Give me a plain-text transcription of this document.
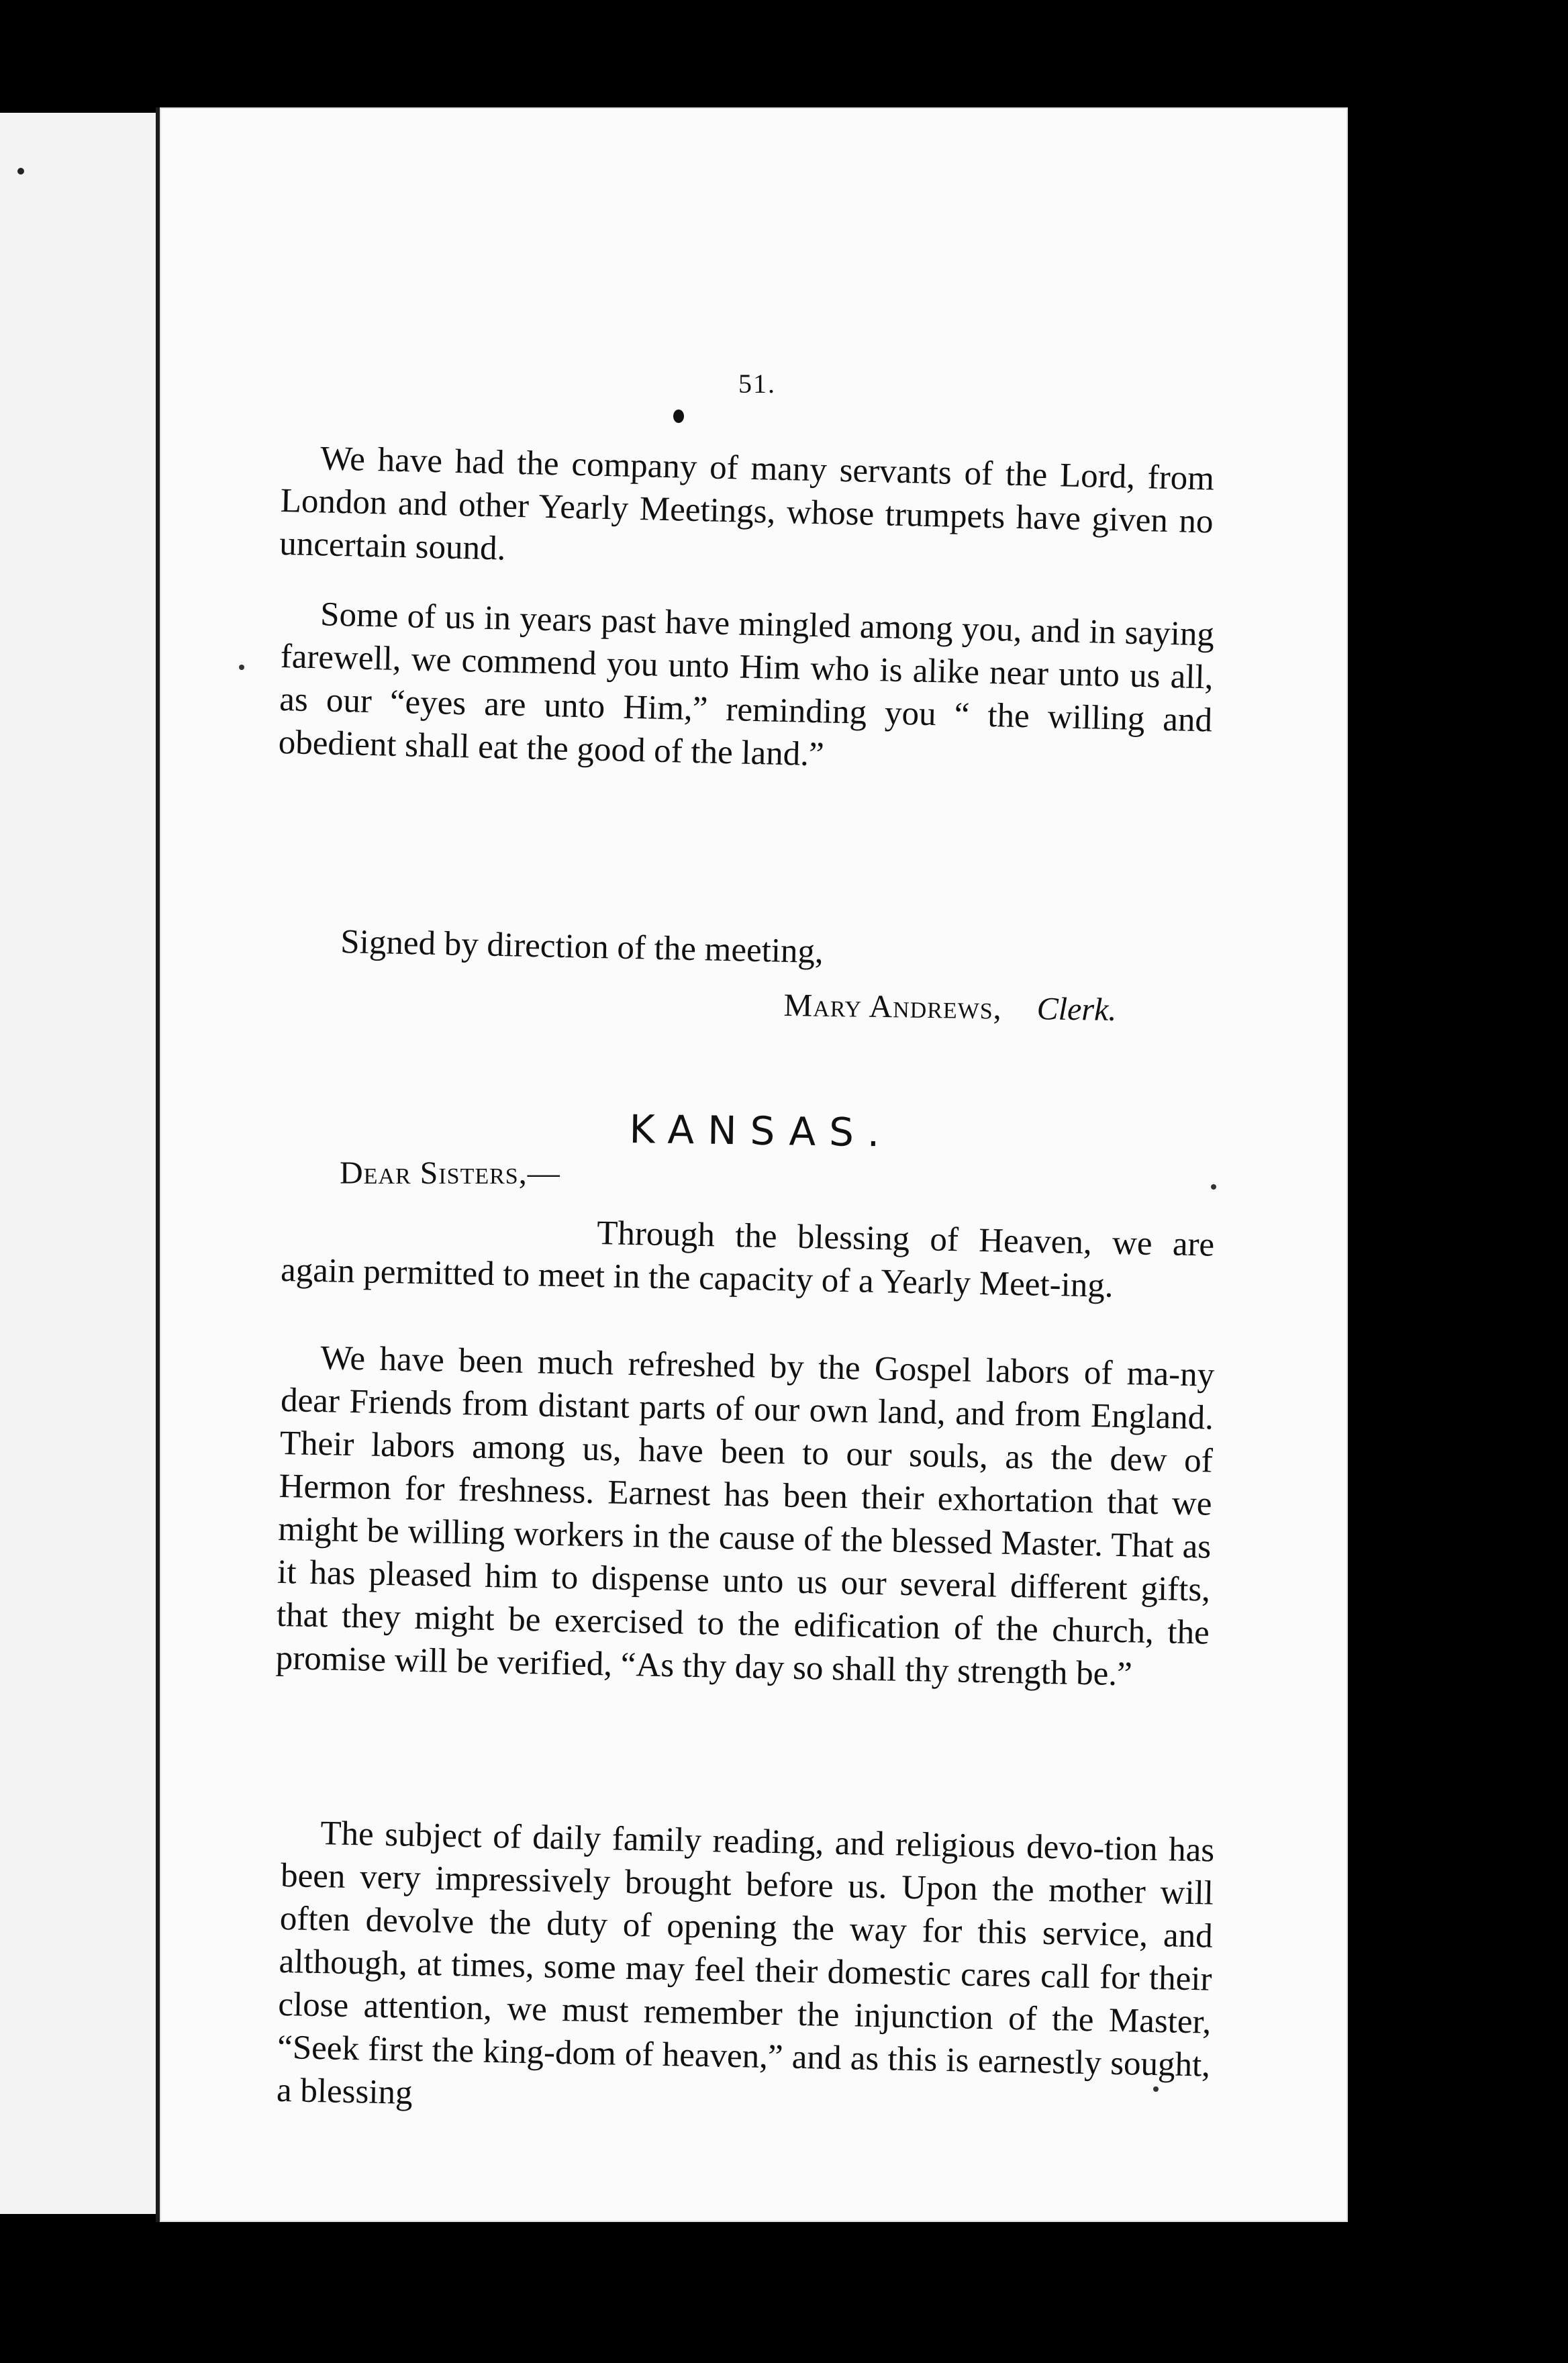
51.

We have had the company of many servants of the Lord, from London and other Yearly Meetings, whose trumpets have given no uncertain sound.

Some of us in years past have mingled among you, and in saying farewell, we commend you unto Him who is alike near unto us all, as our “eyes are unto Him,” reminding you “ the willing and obedient shall eat the good of the land.”

Signed by direction of the meeting,
Mary Andrews, Clerk.
KANSAS.
Dear Sisters,—

Through the blessing of Heaven, we are again permitted to meet in the capacity of a Yearly Meet-ing.

We have been much refreshed by the Gospel labors of ma-ny dear Friends from distant parts of our own land, and from England. Their labors among us, have been to our souls, as the dew of Hermon for freshness. Earnest has been their exhortation that we might be willing workers in the cause of the blessed Master. That as it has pleased him to dispense unto us our several different gifts, that they might be exercised to the edification of the church, the promise will be verified, “As thy day so shall thy strength be.”

The subject of daily family reading, and religious devo-tion has been very impressively brought before us. Upon the mother will often devolve the duty of opening the way for this service, and although, at times, some may feel their domestic cares call for their close attention, we must remember the injunction of the Master, “Seek first the king-dom of heaven,” and as this is earnestly sought, a blessing
